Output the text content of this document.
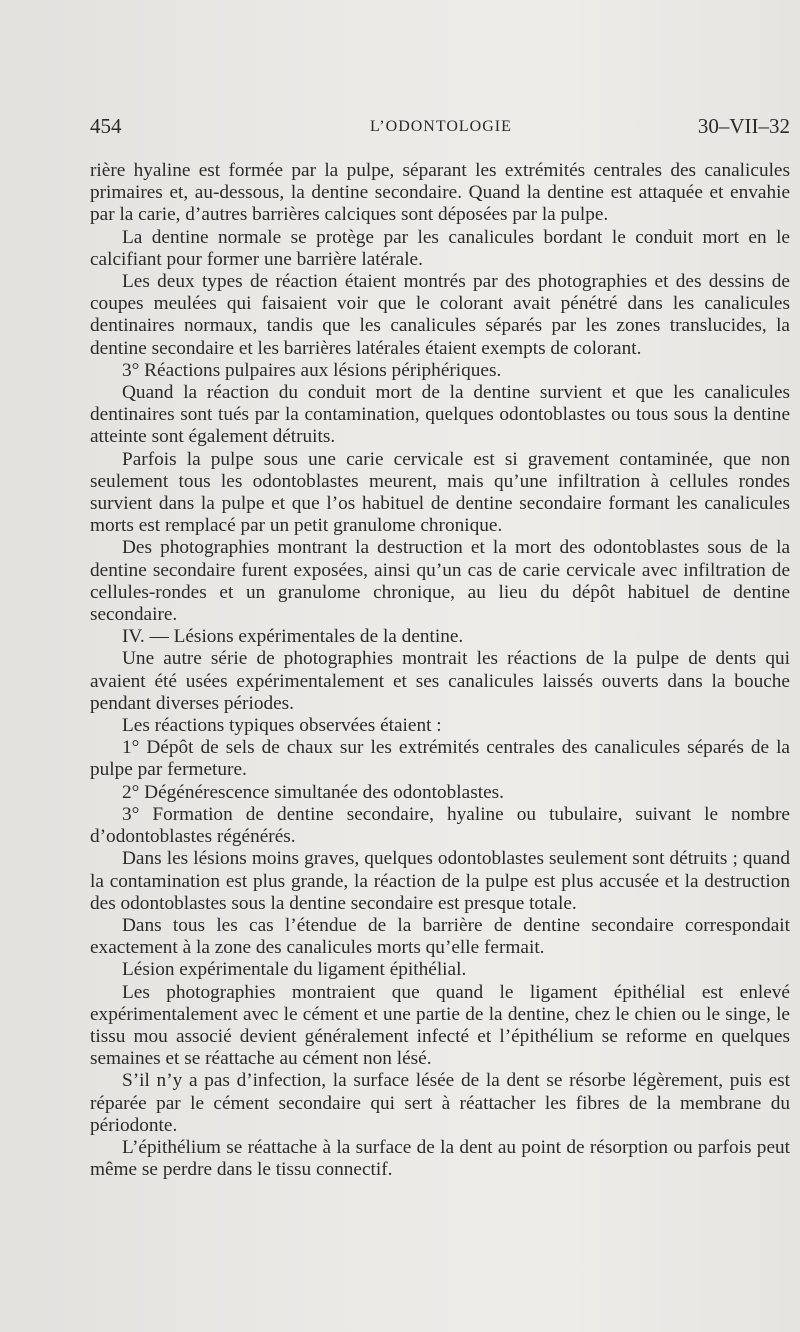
454	L’ODONTOLOGIE	30–VII–32

rière hyaline est formée par la pulpe, séparant les extrémités centrales des canalicules primaires et, au-dessous, la dentine secondaire. Quand la dentine est attaquée et envahie par la carie, d’autres barrières calciques sont déposées par la pulpe.

La dentine normale se protège par les canalicules bordant le conduit mort en le calcifiant pour former une barrière latérale.

Les deux types de réaction étaient montrés par des photographies et des dessins de coupes meulées qui faisaient voir que le colorant avait pénétré dans les canalicules dentinaires normaux, tandis que les canalicules séparés par les zones translucides, la dentine secondaire et les barrières latérales étaient exempts de colorant.

3° Réactions pulpaires aux lésions périphériques.

Quand la réaction du conduit mort de la dentine survient et que les canalicules dentinaires sont tués par la contamination, quelques odontoblastes ou tous sous la dentine atteinte sont également détruits.

Parfois la pulpe sous une carie cervicale est si gravement contaminée, que non seulement tous les odontoblastes meurent, mais qu’une infiltration à cellules rondes survient dans la pulpe et que l’os habituel de dentine secondaire formant les canalicules morts est remplacé par un petit granulome chronique.

Des photographies montrant la destruction et la mort des odontoblastes sous de la dentine secondaire furent exposées, ainsi qu’un cas de carie cervicale avec infiltration de cellules-rondes et un granulome chronique, au lieu du dépôt habituel de dentine secondaire.

IV. — Lésions expérimentales de la dentine.

Une autre série de photographies montrait les réactions de la pulpe de dents qui avaient été usées expérimentalement et ses canalicules laissés ouverts dans la bouche pendant diverses périodes.

Les réactions typiques observées étaient :

1° Dépôt de sels de chaux sur les extrémités centrales des canalicules séparés de la pulpe par fermeture.

2° Dégénérescence simultanée des odontoblastes.

3° Formation de dentine secondaire, hyaline ou tubulaire, suivant le nombre d’odontoblastes régénérés.

Dans les lésions moins graves, quelques odontoblastes seulement sont détruits ; quand la contamination est plus grande, la réaction de la pulpe est plus accusée et la destruction des odontoblastes sous la dentine secondaire est presque totale.

Dans tous les cas l’étendue de la barrière de dentine secondaire correspondait exactement à la zone des canalicules morts qu’elle fermait.

Lésion expérimentale du ligament épithélial.

Les photographies montraient que quand le ligament épithélial est enlevé expérimentalement avec le cément et une partie de la dentine, chez le chien ou le singe, le tissu mou associé devient généralement infecté et l’épithélium se reforme en quelques semaines et se réattache au cément non lésé.

S’il n’y a pas d’infection, la surface lésée de la dent se résorbe légèrement, puis est réparée par le cément secondaire qui sert à réattacher les fibres de la membrane du périodonte.

L’épithélium se réattache à la surface de la dent au point de résorption ou parfois peut même se perdre dans le tissu connectif.
